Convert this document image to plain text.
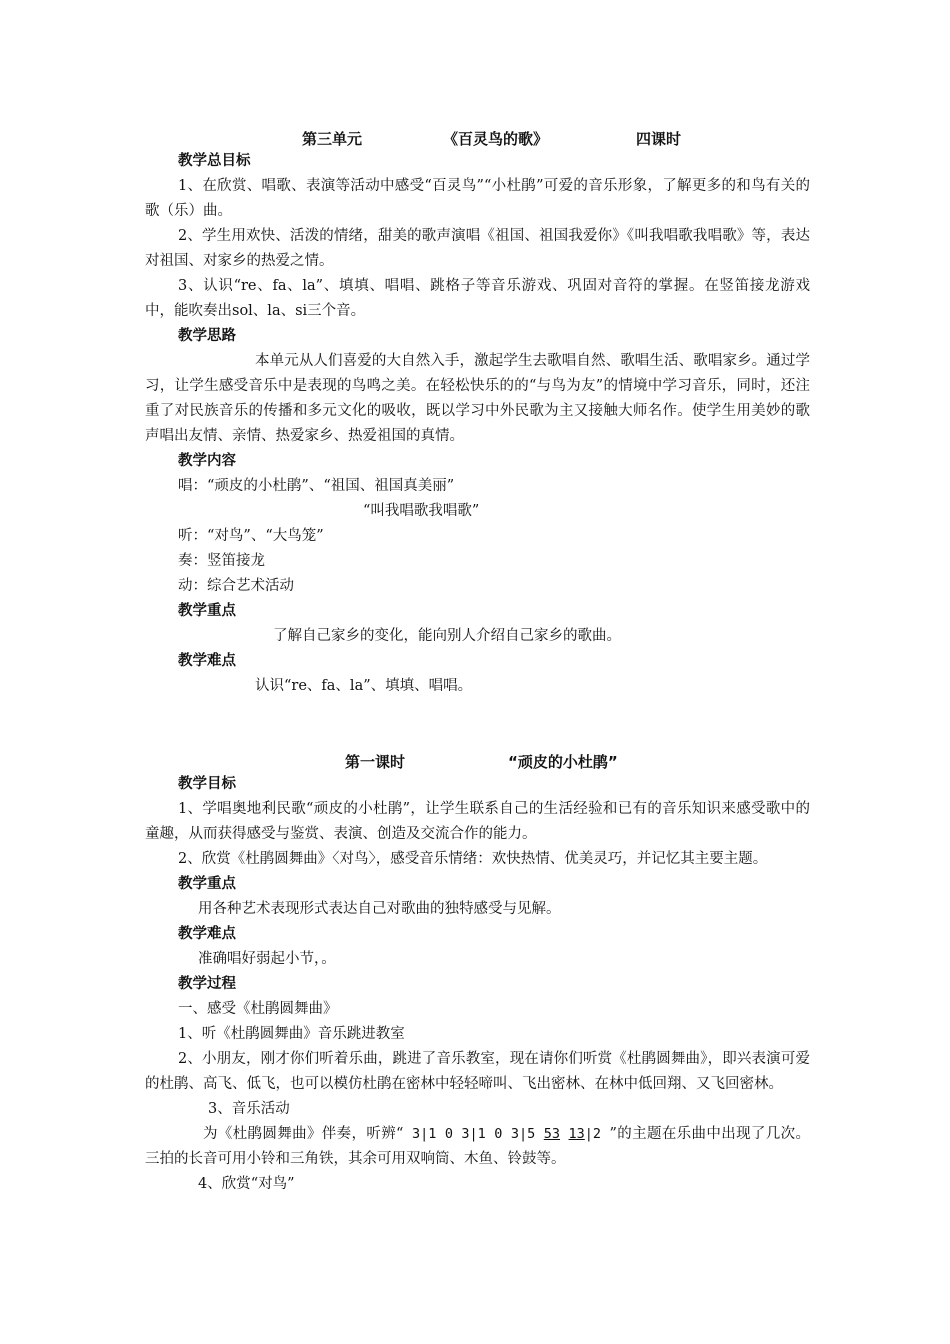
第三单元	《百灵鸟的歌》	四课时
教学总目标
1、在欣赏、唱歌、表演等活动中感受“百灵鸟”“小杜鹃”可爱的音乐形象，了解更多的和鸟有关的歌（乐）曲。
2、学生用欢快、活泼的情绪，甜美的歌声演唱《祖国、祖国我爱你》《叫我唱歌我唱歌》等，表达对祖国、对家乡的热爱之情。
3、认识“re、fa、la”、填填、唱唱、跳格子等音乐游戏、巩固对音符的掌握。在竖笛接龙游戏中，能吹奏出sol、la、si三个音。
教学思路
本单元从人们喜爱的大自然入手，激起学生去歌唱自然、歌唱生活、歌唱家乡。通过学习，让学生感受音乐中是表现的鸟鸣之美。在轻松快乐的的“与鸟为友”的情境中学习音乐，同时，还注重了对民族音乐的传播和多元文化的吸收，既以学习中外民歌为主又接触大师名作。使学生用美妙的歌声唱出友情、亲情、热爱家乡、热爱祖国的真情。
教学内容
唱：“顽皮的小杜鹃”、“祖国、祖国真美丽”
“叫我唱歌我唱歌”
听：“对鸟”、“大鸟笼”
奏：竖笛接龙
动：综合艺术活动
教学重点
了解自己家乡的变化，能向别人介绍自己家乡的歌曲。
教学难点
认识“re、fa、la”、填填、唱唱。
第一课时	“顽皮的小杜鹃”
教学目标
1、学唱奥地利民歌“顽皮的小杜鹃”，让学生联系自己的生活经验和已有的音乐知识来感受歌中的童趣，从而获得感受与鉴赏、表演、创造及交流合作的能力。
2、欣赏《杜鹃圆舞曲》〈对鸟〉，感受音乐情绪：欢快热情、优美灵巧，并记忆其主要主题。
教学重点
用各种艺术表现形式表达自己对歌曲的独特感受与见解。
教学难点
准确唱好弱起小节，。
教学过程
一、感受《杜鹃圆舞曲》
1、听《杜鹃圆舞曲》音乐跳进教室
2、小朋友，刚才你们听着乐曲，跳进了音乐教室，现在请你们听赏《杜鹃圆舞曲》，即兴表演可爱的杜鹃、高飞、低飞，也可以模仿杜鹃在密林中轻轻啼叫、飞出密林、在林中低回翔、又飞回密林。
3、音乐活动
为《杜鹃圆舞曲》伴奏，听辨“ 3|1 0 3|1 0 3|5 53 13|2 ”的主题在乐曲中出现了几次。三拍的长音可用小铃和三角铁，其余可用双响筒、木鱼、铃鼓等。
4、欣赏“对鸟”
